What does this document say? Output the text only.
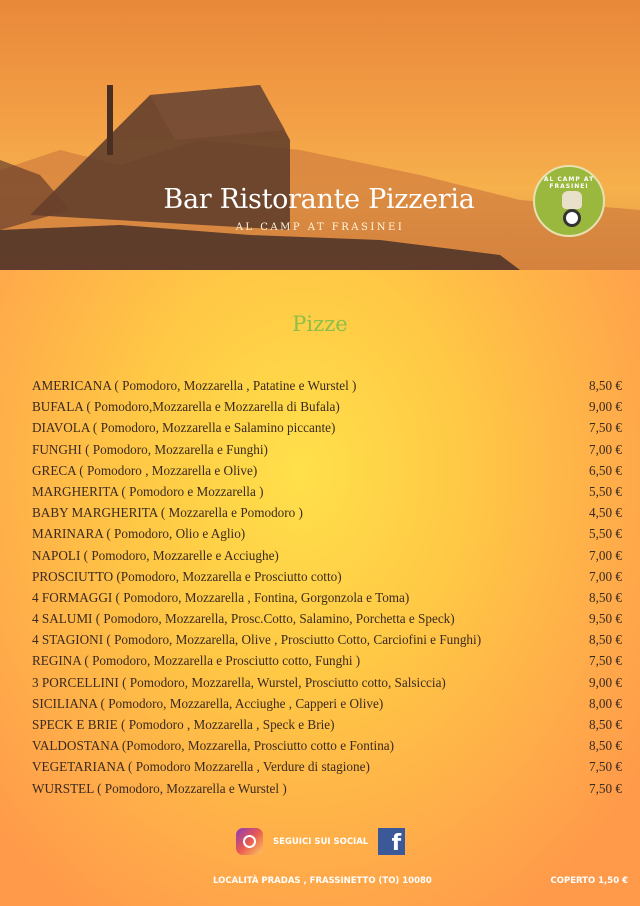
Bar Ristorante Pizzeria
AL CAMP AT FRASINEI
AL CAMP AT FRASINEI
Pizze
AMERICANA ( Pomodoro, Mozzarella , Patatine e Wurstel )	8,50 €
BUFALA ( Pomodoro,Mozzarella e Mozzarella di Bufala)	9,00 €
DIAVOLA ( Pomodoro, Mozzarella e Salamino piccante)	7,50 €
FUNGHI ( Pomodoro, Mozzarella e Funghi)	7,00 €
GRECA ( Pomodoro , Mozzarella e Olive)	6,50 €
MARGHERITA ( Pomodoro e Mozzarella )	5,50 €
BABY MARGHERITA ( Mozzarella e Pomodoro )	4,50 €
MARINARA ( Pomodoro, Olio e Aglio)	5,50 €
NAPOLI ( Pomodoro, Mozzarelle e Acciughe)	7,00 €
PROSCIUTTO (Pomodoro, Mozzarella e Prosciutto cotto)	7,00 €
4 FORMAGGI ( Pomodoro, Mozzarella , Fontina, Gorgonzola e Toma)	8,50 €
4 SALUMI ( Pomodoro, Mozzarella, Prosc.Cotto, Salamino, Porchetta e Speck)	9,50 €
4 STAGIONI ( Pomodoro, Mozzarella, Olive , Prosciutto Cotto, Carciofini e Funghi)	8,50 €
REGINA ( Pomodoro, Mozzarella e Prosciutto cotto, Funghi )	7,50 €
3 PORCELLINI ( Pomodoro, Mozzarella, Wurstel, Prosciutto cotto, Salsiccia)	9,00 €
SICILIANA ( Pomodoro, Mozzarella, Acciughe , Capperi e Olive)	8,00 €
SPECK E BRIE ( Pomodoro , Mozzarella , Speck e Brie)	8,50 €
VALDOSTANA (Pomodoro, Mozzarella, Prosciutto cotto e Fontina)	8,50 €
VEGETARIANA ( Pomodoro Mozzarella , Verdure di stagione)	7,50 €
WURSTEL ( Pomodoro, Mozzarella e Wurstel )	7,50 €
SEGUICI SUI SOCIAL	f
LOCALITÀ PRADAS , FRASSINETTO (TO) 10080	COPERTO 1,50 €
